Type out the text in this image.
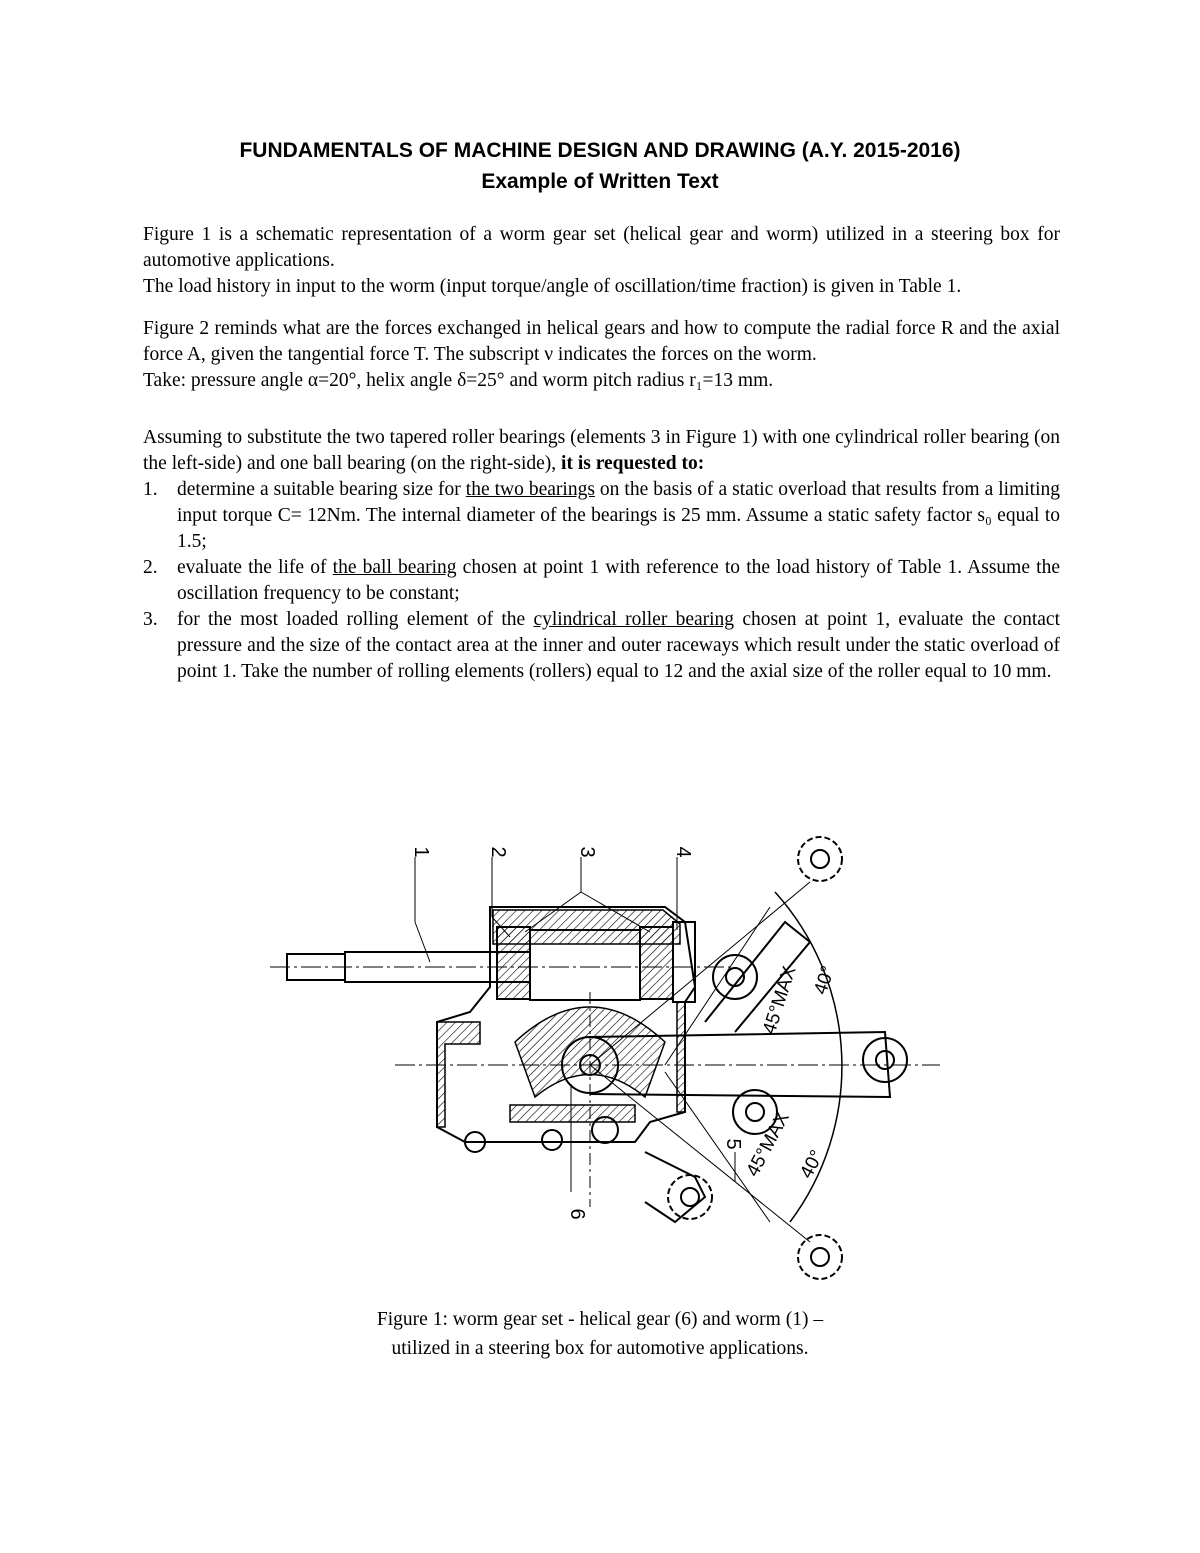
FUNDAMENTALS OF MACHINE DESIGN AND DRAWING (A.Y. 2015-2016)
Example of Written Text

Figure 1 is a schematic representation of a worm gear set (helical gear and worm) utilized in a steering box for automotive applications.

The load history in input to the worm (input torque/angle of oscillation/time fraction) is given in Table 1.

Figure 2 reminds what are the forces exchanged in helical gears and how to compute the radial force R and the axial force A, given the tangential force T. The subscript ν indicates the forces on the worm.

Take: pressure angle α=20°, helix angle δ=25° and worm pitch radius r₁=13 mm.

Assuming to substitute the two tapered roller bearings (elements 3 in Figure 1) with one cylindrical roller bearing (on the left-side) and one ball bearing (on the right-side), it is requested to:

1. determine a suitable bearing size for the two bearings on the basis of a static overload that results from a limiting input torque C= 12Nm. The internal diameter of the bearings is 25 mm. Assume a static safety factor s₀ equal to 1.5;
2. evaluate the life of the ball bearing chosen at point 1 with reference to the load history of Table 1. Assume the oscillation frequency to be constant;
3. for the most loaded rolling element of the cylindrical roller bearing chosen at point 1, evaluate the contact pressure and the size of the contact area at the inner and outer raceways which result under the static overload of point 1. Take the number of rolling elements (rollers) equal to 12 and the axial size of the roller equal to 10 mm.
1	2	3	4
5
6
45°MAX 40°
45°MAX 40°
Figure 1: worm gear set - helical gear (6) and worm (1) –
utilized in a steering box for automotive applications.
